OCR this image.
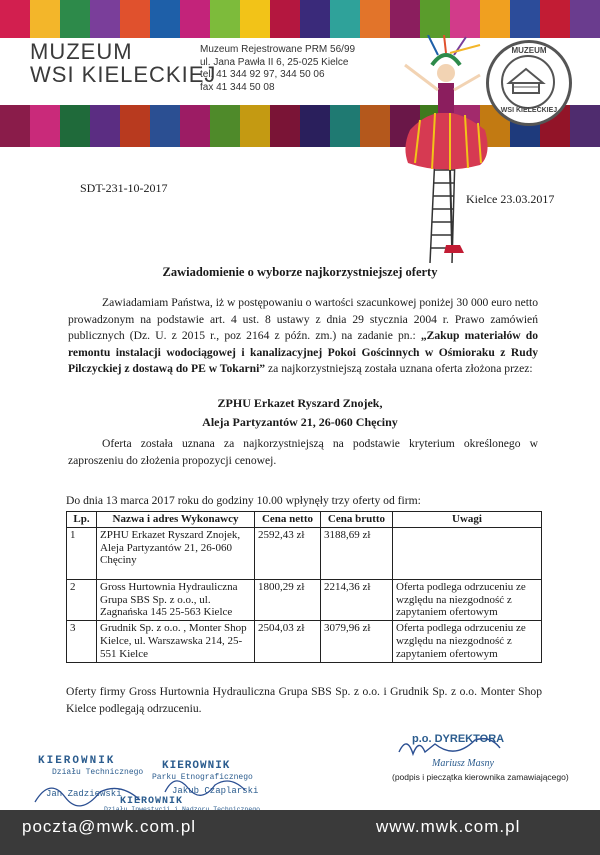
MUZEUM
WSI KIELECKIEJ
Muzeum Rejestrowane PRM 56/99
ul. Jana Pawła II 6, 25-025 Kielce
tel. 41 344 92 97, 344 50 06
fax 41 344 50 08
MUZEUM
WSI KIELECKIEJ
SDT-231-10-2017
Kielce 23.03.2017
Zawiadomienie o wyborze najkorzystniejszej oferty
Zawiadamiam Państwa, iż w postępowaniu o wartości szacunkowej poniżej 30 000 euro netto prowadzonym na podstawie art. 4 ust. 8 ustawy z dnia 29 stycznia 2004 r. Prawo zamówień publicznych (Dz. U. z 2015 r., poz 2164 z późn. zm.) na zadanie pn.: „Zakup materiałów do remontu instalacji wodociągowej i kanalizacyjnej Pokoi Gościnnych w Ośmioraku z Rudy Pilczyckiej z dostawą do PE w Tokarni” za najkorzystniejszą została uznana oferta złożona przez:
ZPHU Erkazet Ryszard Znojek,
Aleja Partyzantów 21, 26-060 Chęciny
Oferta została uznana za najkorzystniejszą na podstawie kryterium określonego w zaproszeniu do złożenia propozycji cenowej.
Do dnia 13 marca 2017 roku do godziny 10.00 wpłynęły trzy oferty od firm:
Lp.	Nazwa i adres Wykonawcy	Cena netto	Cena brutto	Uwagi
1	ZPHU Erkazet Ryszard Znojek, Aleja Partyzantów 21, 26-060 Chęciny	2592,43 zł	3188,69 zł	
2	Gross Hurtownia Hydrauliczna Grupa SBS Sp. z o.o., ul. Zagnańska 145 25-563 Kielce	1800,29 zł	2214,36 zł	Oferta podlega odrzuceniu ze względu na niezgodność z zapytaniem ofertowym
3	Grudnik Sp. z o.o. , Monter Shop Kielce, ul. Warszawska 214, 25-551 Kielce	2504,03 zł	3079,96 zł	Oferta podlega odrzuceniu ze względu na niezgodność z zapytaniem ofertowym
Oferty firmy Gross Hurtownia Hydrauliczna Grupa SBS Sp. z o.o. i Grudnik Sp. z o.o. Monter Shop Kielce podlegają odrzuceniu.
KIEROWNIK
Działu Technicznego
Jan Zadziewski
KIEROWNIK
Parku Etnograficznego
Jakub Czaplarski
KIEROWNIK
p.o. DYREKTORA
Mariusz Masny
(podpis i pieczątka kierownika zamawiającego)
poczta@mwk.com.pl	www.mwk.com.pl
